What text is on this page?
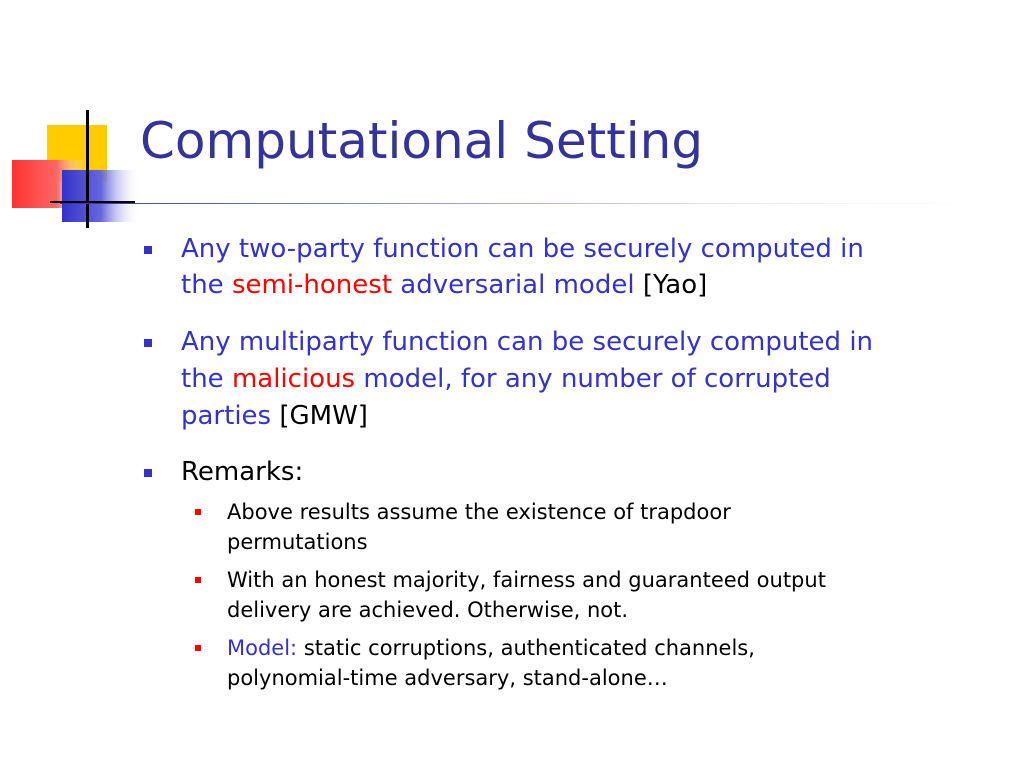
Computational Setting
Any two-party function can be securely computed in
the semi-honest adversarial model [Yao]
Any multiparty function can be securely computed in
the malicious model, for any number of corrupted
parties [GMW]
Remarks:
Above results assume the existence of trapdoor
permutations
With an honest majority, fairness and guaranteed output
delivery are achieved. Otherwise, not.
Model: static corruptions, authenticated channels,
polynomial-time adversary, stand-alone…
